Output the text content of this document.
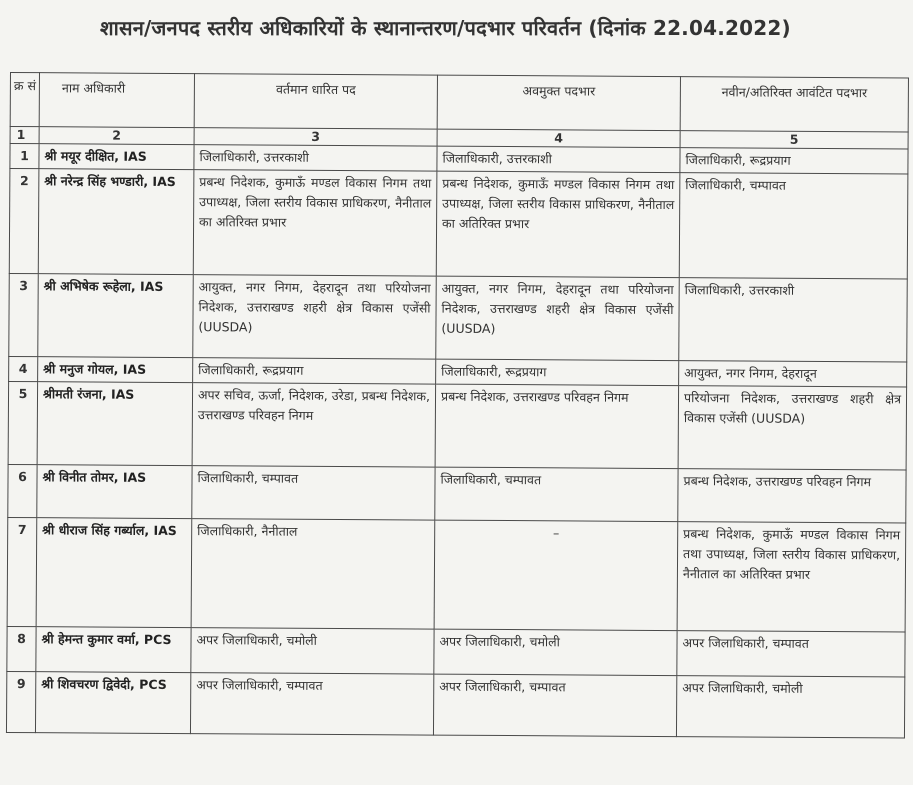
शासन/जनपद स्तरीय अधिकारियों के स्थानान्तरण/पदभार परिवर्तन (दिनांक 22.04.2022)
क्र सं	नाम अधिकारी	वर्तमान धारित पद	अवमुक्त पदभार	नवीन/अतिरिक्त आवंटित पदभार
1	2	3	4	5
1	श्री मयूर दीक्षित, IAS	जिलाधिकारी, उत्तरकाशी	जिलाधिकारी, उत्तरकाशी	जिलाधिकारी, रूद्रप्रयाग
2	श्री नरेन्द्र सिंह भण्डारी, IAS	प्रबन्ध निदेशक, कुमाऊँ मण्डल विकास निगम तथा उपाध्यक्ष, जिला स्तरीय विकास प्राधिकरण, नैनीताल का अतिरिक्त प्रभार	प्रबन्ध निदेशक, कुमाऊँ मण्डल विकास निगम तथा उपाध्यक्ष, जिला स्तरीय विकास प्राधिकरण, नैनीताल का अतिरिक्त प्रभार	जिलाधिकारी, चम्पावत
3	श्री अभिषेक रूहेला, IAS	आयुक्त, नगर निगम, देहरादून तथा परियोजना निदेशक, उत्तराखण्ड शहरी क्षेत्र विकास एजेंसी (UUSDA)	आयुक्त, नगर निगम, देहरादून तथा परियोजना निदेशक, उत्तराखण्ड शहरी क्षेत्र विकास एजेंसी (UUSDA)	जिलाधिकारी, उत्तरकाशी
4	श्री मनुज गोयल, IAS	जिलाधिकारी, रूद्रप्रयाग	जिलाधिकारी, रूद्रप्रयाग	आयुक्त, नगर निगम, देहरादून
5	श्रीमती रंजना, IAS	अपर सचिव, ऊर्जा, निदेशक, उरेडा, प्रबन्ध निदेशक, उत्तराखण्ड परिवहन निगम	प्रबन्ध निदेशक, उत्तराखण्ड परिवहन निगम	परियोजना निदेशक, उत्तराखण्ड शहरी क्षेत्र विकास एजेंसी (UUSDA)
6	श्री विनीत तोमर, IAS	जिलाधिकारी, चम्पावत	जिलाधिकारी, चम्पावत	प्रबन्ध निदेशक, उत्तराखण्ड परिवहन निगम
7	श्री धीराज सिंह गर्ब्याल, IAS	जिलाधिकारी, नैनीताल	–	प्रबन्ध निदेशक, कुमाऊँ मण्डल विकास निगम तथा उपाध्यक्ष, जिला स्तरीय विकास प्राधिकरण, नैनीताल का अतिरिक्त प्रभार
8	श्री हेमन्त कुमार वर्मा, PCS	अपर जिलाधिकारी, चमोली	अपर जिलाधिकारी, चमोली	अपर जिलाधिकारी, चम्पावत
9	श्री शिवचरण द्विवेदी, PCS	अपर जिलाधिकारी, चम्पावत	अपर जिलाधिकारी, चम्पावत	अपर जिलाधिकारी, चमोली
